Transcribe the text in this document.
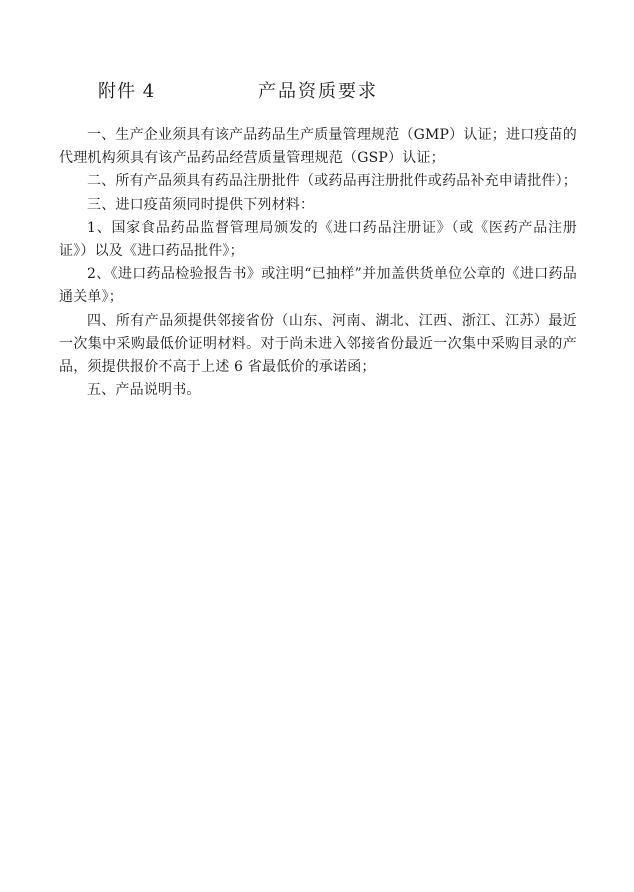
附件 4	产品资质要求

一、生产企业须具有该产品药品生产质量管理规范（GMP）认证；进口疫苗的代理机构须具有该产品药品经营质量管理规范（GSP）认证；

二、所有产品须具有药品注册批件（或药品再注册批件或药品补充申请批件）；

三、进口疫苗须同时提供下列材料：

1、国家食品药品监督管理局颁发的《进口药品注册证》（或《医药产品注册证》）以及《进口药品批件》；

2、《进口药品检验报告书》或注明“已抽样”并加盖供货单位公章的《进口药品通关单》；

四、所有产品须提供邻接省份（山东、河南、湖北、江西、浙江、江苏）最近一次集中采购最低价证明材料。对于尚未进入邻接省份最近一次集中采购目录的产品，须提供报价不高于上述 6 省最低价的承诺函；

五、产品说明书。
